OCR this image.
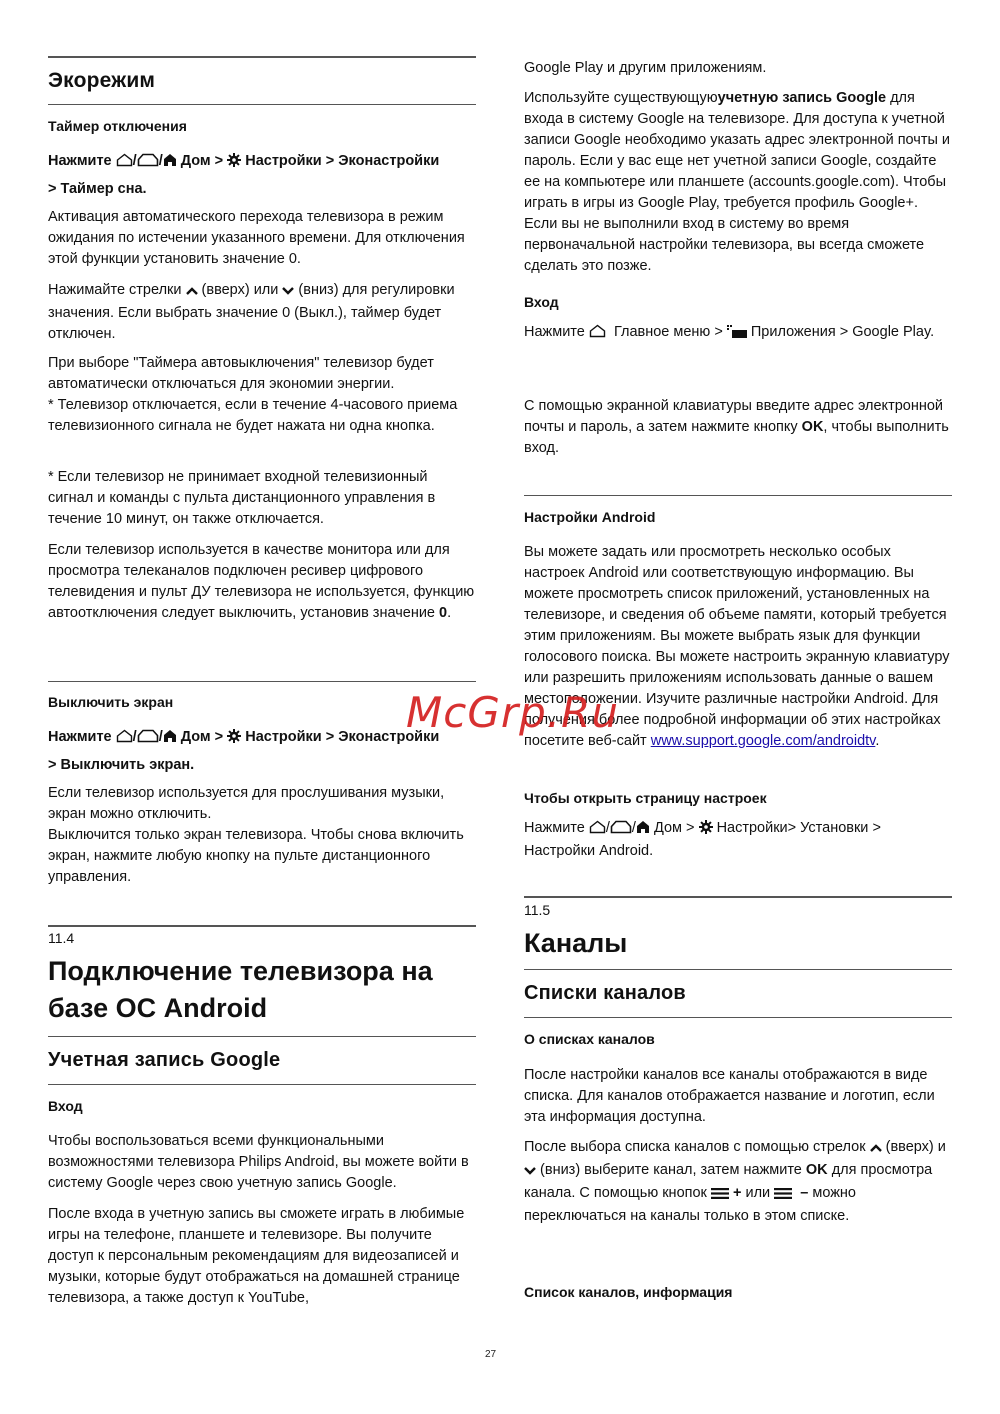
Экорежим
Таймер отключения
Нажмите / / Дом > Настройки > Эконастройки
> Таймер сна.
Активация автоматического перехода телевизора в режим ожидания по истечении указанного времени. Для отключения этой функции установить значение 0.
Нажимайте стрелки (вверх) или (вниз) для регулировки значения. Если выбрать значение 0 (Выкл.), таймер будет отключен.
При выборе "Таймера автовыключения" телевизор будет автоматически отключаться для экономии энергии.
* Телевизор отключается, если в течение 4-часового приема телевизионного сигнала не будет нажата ни одна кнопка.
* Если телевизор не принимает входной телевизионный сигнал и команды с пульта дистанционного управления в течение 10 минут, он также отключается.
Если телевизор используется в качестве монитора или для просмотра телеканалов подключен ресивер цифрового телевидения и пульт ДУ телевизора не используется, функцию автоотключения следует выключить, установив значение 0.
Выключить экран
Нажмите / / Дом > Настройки > Эконастройки
> Выключить экран.
Если телевизор используется для прослушивания музыки, экран можно отключить.
Выключится только экран телевизора. Чтобы снова включить экран, нажмите любую кнопку на пульте дистанционного управления.
11.4
Подключение телевизора на базе ОС Android
Учетная запись Google
Вход
Чтобы воспользоваться всеми функциональными возможностями телевизора Philips Android, вы можете войти в систему Google через свою учетную запись Google.
После входа в учетную запись вы сможете играть в любимые игры на телефоне, планшете и телевизоре. Вы получите доступ к персональным рекомендациям для видеозаписей и музыки, которые будут отображаться на домашней странице телевизора, а также доступ к YouTube,
Google Play и другим приложениям.
Используйте существующуюучетную запись Google для входа в систему Google на телевизоре. Для доступа к учетной записи Google необходимо указать адрес электронной почты и пароль. Если у вас еще нет учетной записи Google, создайте ее на компьютере или планшете (accounts.google.com). Чтобы играть в игры из Google Play, требуется профиль Google+. Если вы не выполнили вход в систему во время первоначальной настройки телевизора, вы всегда сможете сделать это позже.
Вход
Нажмите Главное меню > Приложения > Google Play.
С помощью экранной клавиатуры введите адрес электронной почты и пароль, а затем нажмите кнопку OK, чтобы выполнить вход.
Настройки Android
Вы можете задать или просмотреть несколько особых настроек Android или соответствующую информацию. Вы можете просмотреть список приложений, установленных на телевизоре, и сведения об объеме памяти, который требуется этим приложениям. Вы можете выбрать язык для функции голосового поиска. Вы можете настроить экранную клавиатуру или разрешить приложениям использовать данные о вашем местоположении. Изучите различные настройки Android. Для получения более подробной информации об этих настройках посетите веб-сайт www.support.google.com/androidtv.
Чтобы открыть страницу настроек
Нажмите / / Дом > Настройки> Установки > Настройки Android.
11.5
Каналы
Списки каналов
О списках каналов
После настройки каналов все каналы отображаются в виде списка. Для каналов отображается название и логотип, если эта информация доступна.
После выбора списка каналов с помощью стрелок (вверх) и  (вниз) выберите канал, затем нажмите OK для просмотра канала. С помощью кнопок + или – можно переключаться на каналы только в этом списке.
Список каналов, информация
McGrp.Ru
27
